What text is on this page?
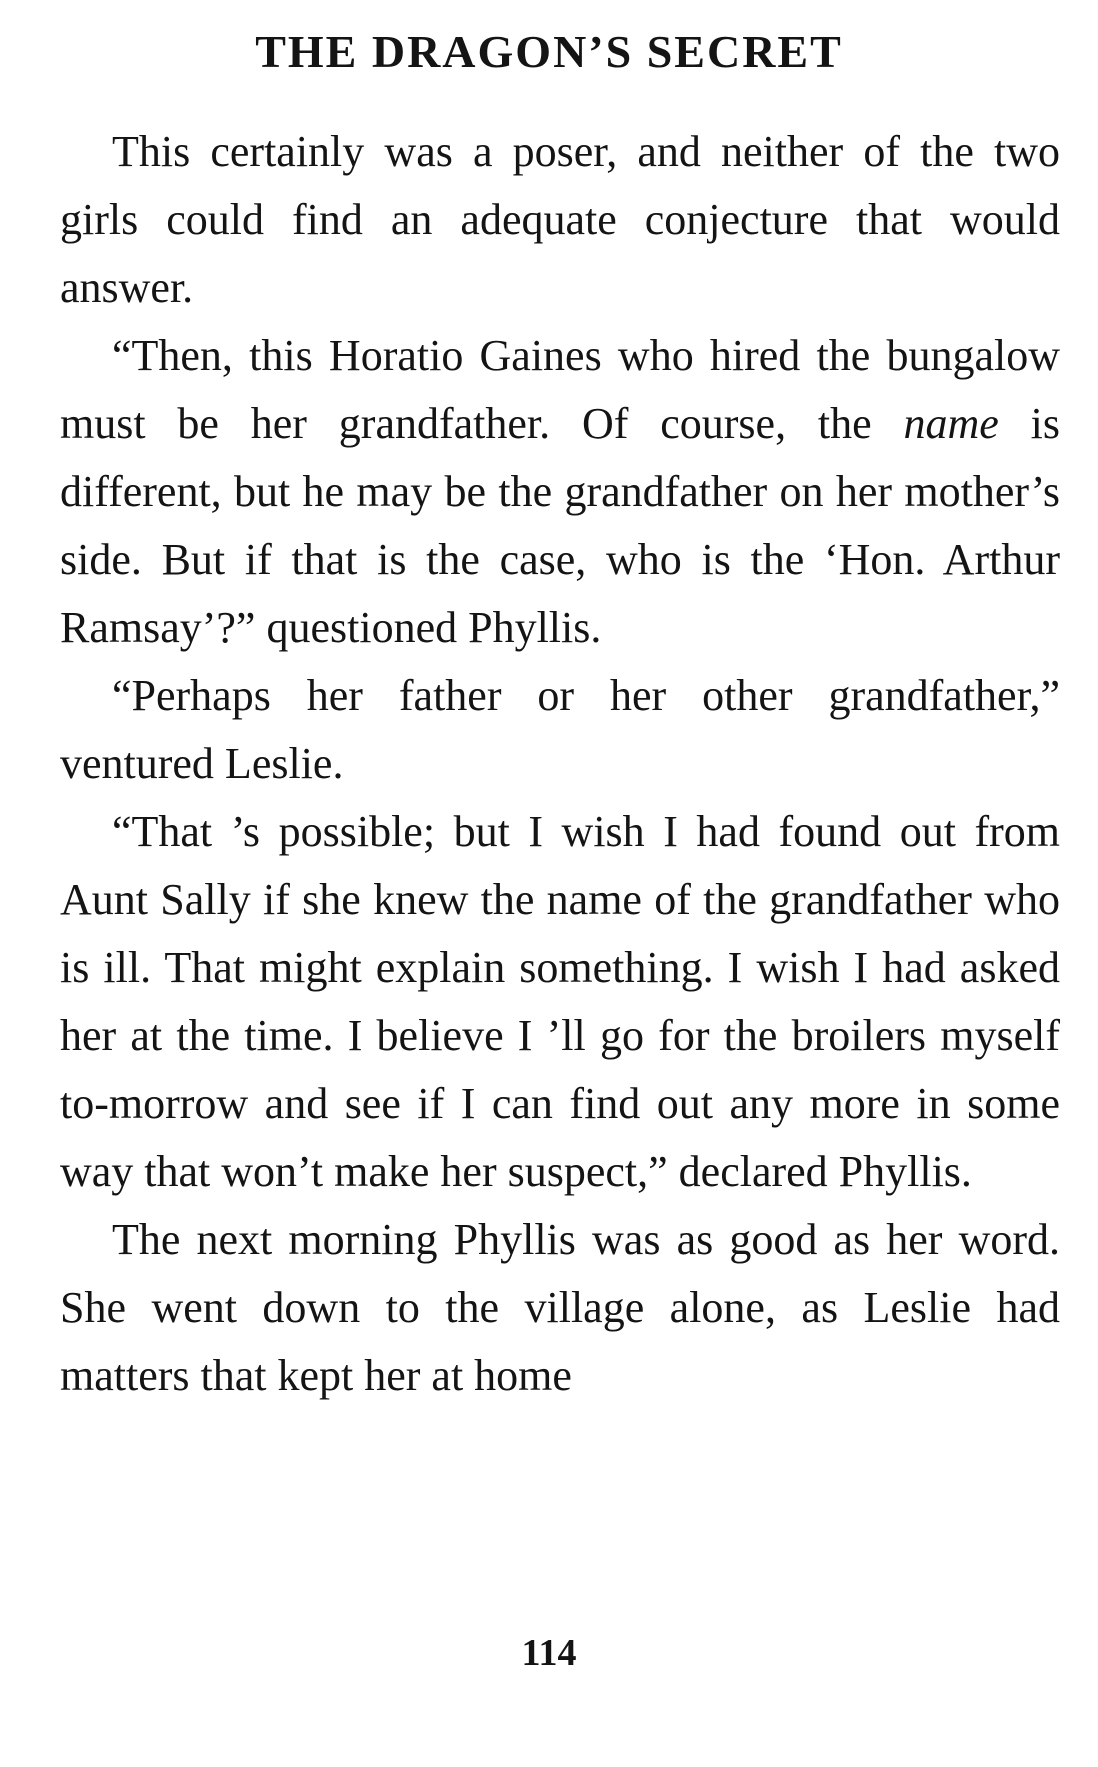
THE DRAGON’S SECRET

This certainly was a poser, and neither of the two girls could find an adequate conjecture that would answer.

“Then, this Horatio Gaines who hired the bungalow must be her grandfather. Of course, the name is different, but he may be the grandfather on her mother’s side. But if that is the case, who is the ‘Hon. Arthur Ramsay’?” questioned Phyllis.

“Perhaps her father or her other grandfather,” ventured Leslie.

“That ’s possible; but I wish I had found out from Aunt Sally if she knew the name of the grandfather who is ill. That might explain something. I wish I had asked her at the time. I believe I ’ll go for the broilers myself to-morrow and see if I can find out any more in some way that won’t make her suspect,” declared Phyllis.

The next morning Phyllis was as good as her word. She went down to the village alone, as Leslie had matters that kept her at home

114
